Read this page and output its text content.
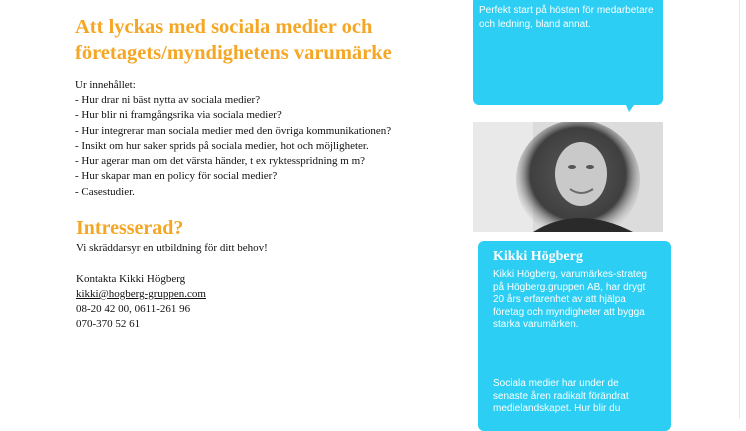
Att lyckas med sociala medier och företagets/myndighetens varumärke
Ur innehållet:
- Hur drar ni bäst nytta av sociala medier?
- Hur blir ni framgångsrika via sociala medier?
- Hur integrerar man sociala medier med den övriga kommunikationen?
- Insikt om hur saker sprids på sociala medier, hot och möjligheter.
- Hur agerar man om det värsta händer, t ex ryktesspridning m m?
- Hur skapar man en policy för social medier?
- Casestudier.
Intresserad?
Vi skräddarsyr en utbildning för ditt behov!
Kontakta Kikki Högberg
kikki@hogberg-gruppen.com
08-20 42 00, 0611-261 96
070-370 52 61

Perfekt start på hösten för medarbetare och ledning, bland annat.

Kikki Högberg

Kikki Högberg, varumärkes-strateg på Högberg.gruppen AB, har drygt 20 års erfarenhet av att hjälpa företag och myndigheter att bygga starka varumärken.

Sociala medier har under de senaste åren radikalt förändrat medielandskapet. Hur blir du
